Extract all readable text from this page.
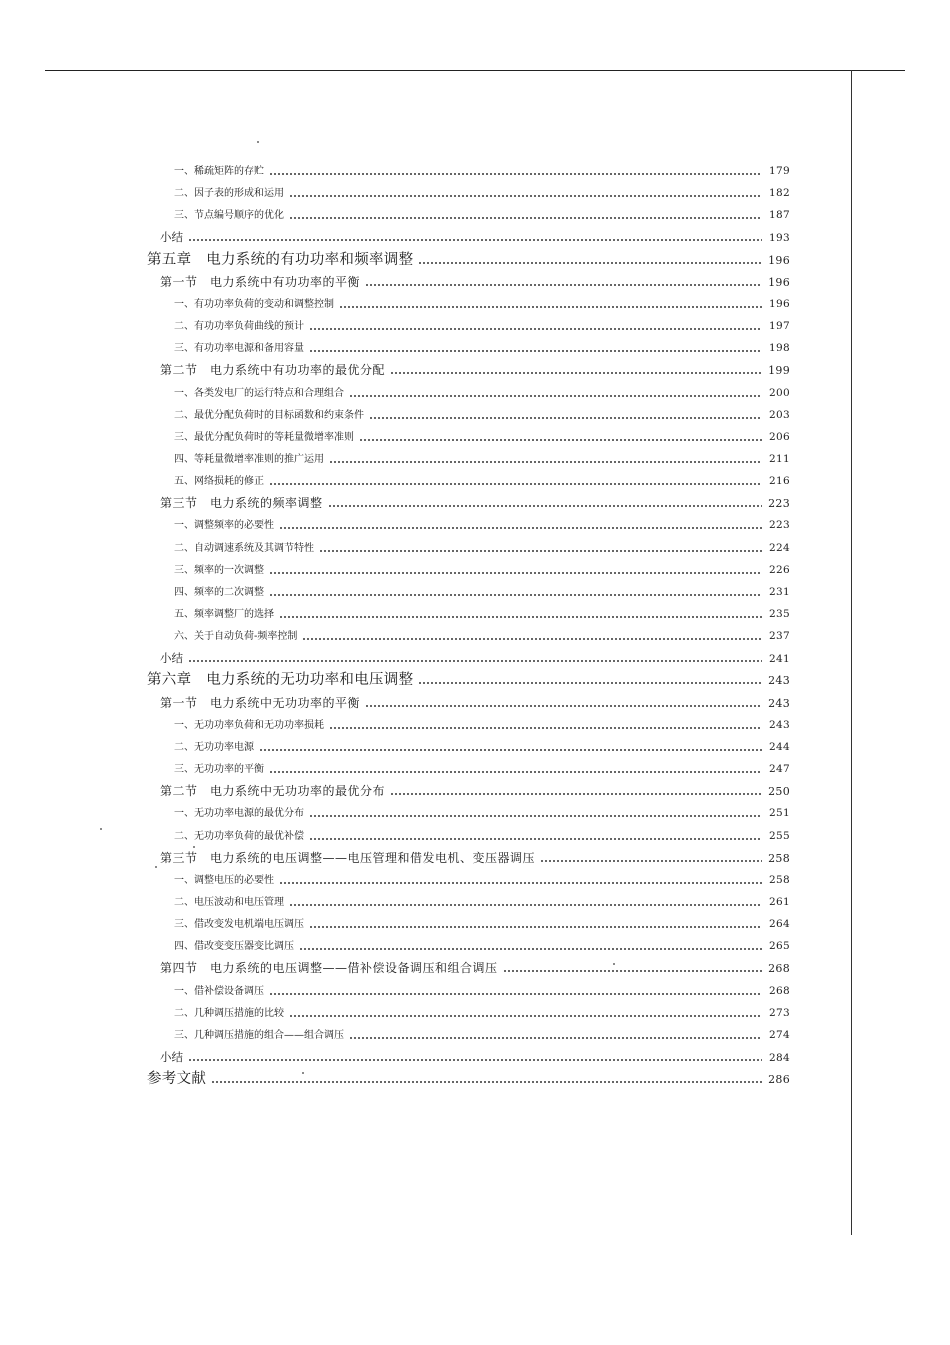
一、稀疏矩阵的存贮	179
二、因子表的形成和运用	182
三、节点编号顺序的优化	187
小结	193
第五章　电力系统的有功功率和频率调整	196
第一节　电力系统中有功功率的平衡	196
一、有功功率负荷的变动和调整控制	196
二、有功功率负荷曲线的预计	197
三、有功功率电源和备用容量	198
第二节　电力系统中有功功率的最优分配	199
一、各类发电厂的运行特点和合理组合	200
二、最优分配负荷时的目标函数和约束条件	203
三、最优分配负荷时的等耗量微增率准则	206
四、等耗量微增率准则的推广运用	211
五、网络损耗的修正	216
第三节　电力系统的频率调整	223
一、调整频率的必要性	223
二、自动调速系统及其调节特性	224
三、频率的一次调整	226
四、频率的二次调整	231
五、频率调整厂的选择	235
六、关于自动负荷-频率控制	237
小结	241
第六章　电力系统的无功功率和电压调整	243
第一节　电力系统中无功功率的平衡	243
一、无功功率负荷和无功功率损耗	243
二、无功功率电源	244
三、无功功率的平衡	247
第二节　电力系统中无功功率的最优分布	250
一、无功功率电源的最优分布	251
二、无功功率负荷的最优补偿	255
第三节　电力系统的电压调整——电压管理和借发电机、变压器调压	258
一、调整电压的必要性	258
二、电压波动和电压管理	261
三、借改变发电机端电压调压	264
四、借改变变压器变比调压	265
第四节　电力系统的电压调整——借补偿设备调压和组合调压	268
一、借补偿设备调压	268
二、几种调压措施的比较	273
三、几种调压措施的组合——组合调压	274
小结	284
参考文献	286
